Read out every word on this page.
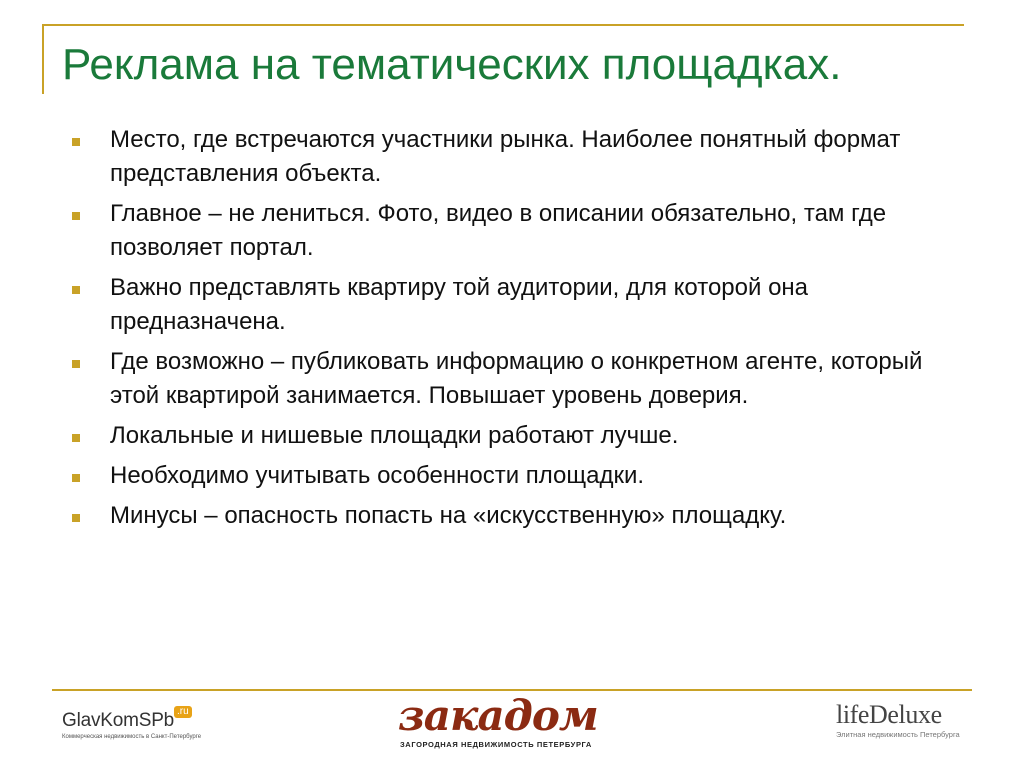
Реклама на тематических площадках.
Место, где встречаются участники рынка. Наиболее понятный формат представления объекта.
Главное – не лениться. Фото, видео в описании обязательно, там где позволяет портал.
Важно представлять квартиру той аудитории, для которой она предназначена.
Где возможно – публиковать информацию о конкретном агенте, который этой квартирой занимается. Повышает уровень доверия.
Локальные и нишевые площадки работают лучше.
Необходимо учитывать особенности площадки.
Минусы – опасность попасть на «искусственную» площадку.
GlavKomSPb .ru
Коммерческая недвижимость в Санкт-Петербурге	закадом
ЗАГОРОДНАЯ НЕДВИЖИМОСТЬ ПЕТЕРБУРГА
lifeDeluxe
Элитная недвижимость Петербурга
